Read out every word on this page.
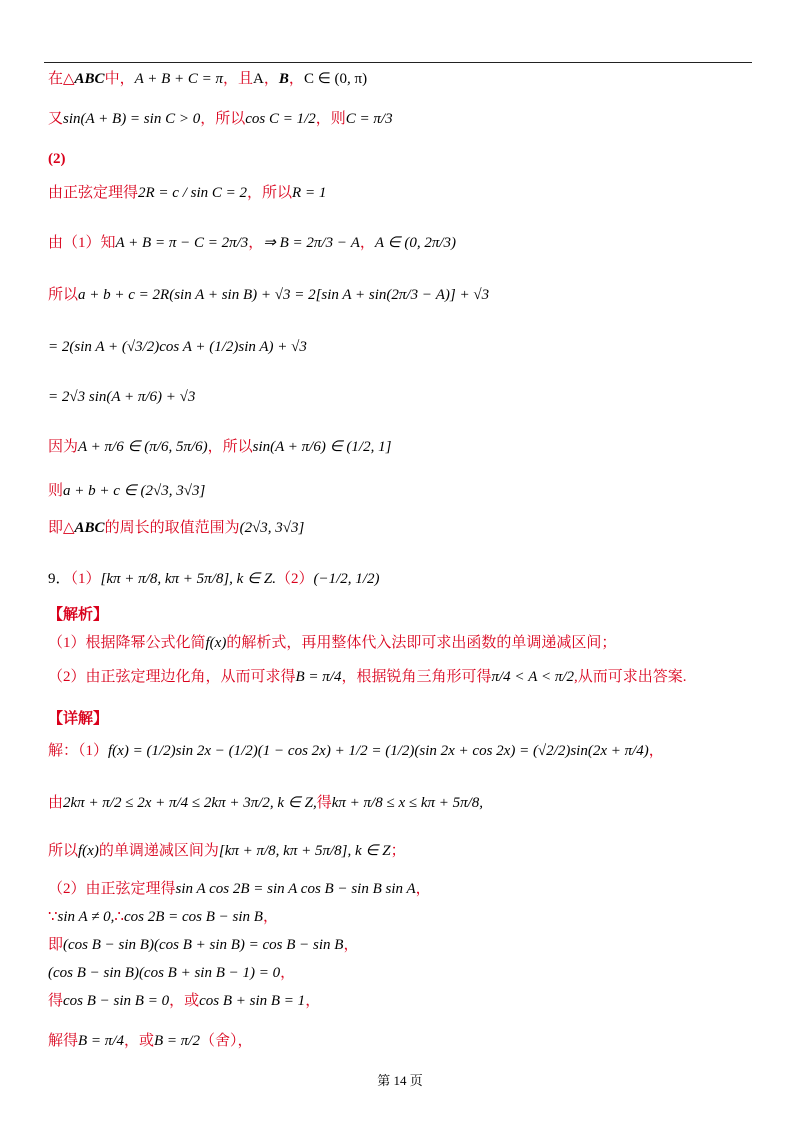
在△ABC中，A + B + C = π，且A，B，C ∈ (0, π)
又sin(A + B) = sin C > 0，所以cos C = 1/2，则C = π/3
(2)
由正弦定理得2R = c / sin C = 2，所以R = 1
由（1）知A + B = π − C = 2π/3，⇒ B = 2π/3 − A，A ∈ (0, 2π/3)
所以a + b + c = 2R(sin A + sin B) + √3 = 2[sin A + sin(2π/3 − A)] + √3
= 2(sin A + (√3/2)cos A + (1/2)sin A) + √3
= 2√3 sin(A + π/6) + √3
因为A + π/6 ∈ (π/6, 5π/6)，所以sin(A + π/6) ∈ (1/2, 1]
则a + b + c ∈ (2√3, 3√3]
即△ABC的周长的取值范围为(2√3, 3√3]
9．（1）[kπ + π/8, kπ + 5π/8], k ∈ Z.（2）(−1/2, 1/2)
【解析】
（1）根据降幂公式化简f(x)的解析式，再用整体代入法即可求出函数的单调递减区间；
（2）由正弦定理边化角，从而可求得B = π/4，根据锐角三角形可得π/4 < A < π/2,从而可求出答案.
【详解】
解：（1）f(x) = (1/2)sin 2x − (1/2)(1 − cos 2x) + 1/2 = (1/2)(sin 2x + cos 2x) = (√2/2)sin(2x + π/4)，
由2kπ + π/2 ≤ 2x + π/4 ≤ 2kπ + 3π/2, k ∈ Z,得kπ + π/8 ≤ x ≤ kπ + 5π/8,
所以f(x)的单调递减区间为[kπ + π/8, kπ + 5π/8], k ∈ Z；
（2）由正弦定理得sin A cos 2B = sin A cos B − sin B sin A，
∵sin A ≠ 0,∴cos 2B = cos B − sin B，
即(cos B − sin B)(cos B + sin B) = cos B − sin B，
(cos B − sin B)(cos B + sin B − 1) = 0，
得cos B − sin B = 0，或cos B + sin B = 1，
解得B = π/4，或B = π/2（舍），
第 14 页
